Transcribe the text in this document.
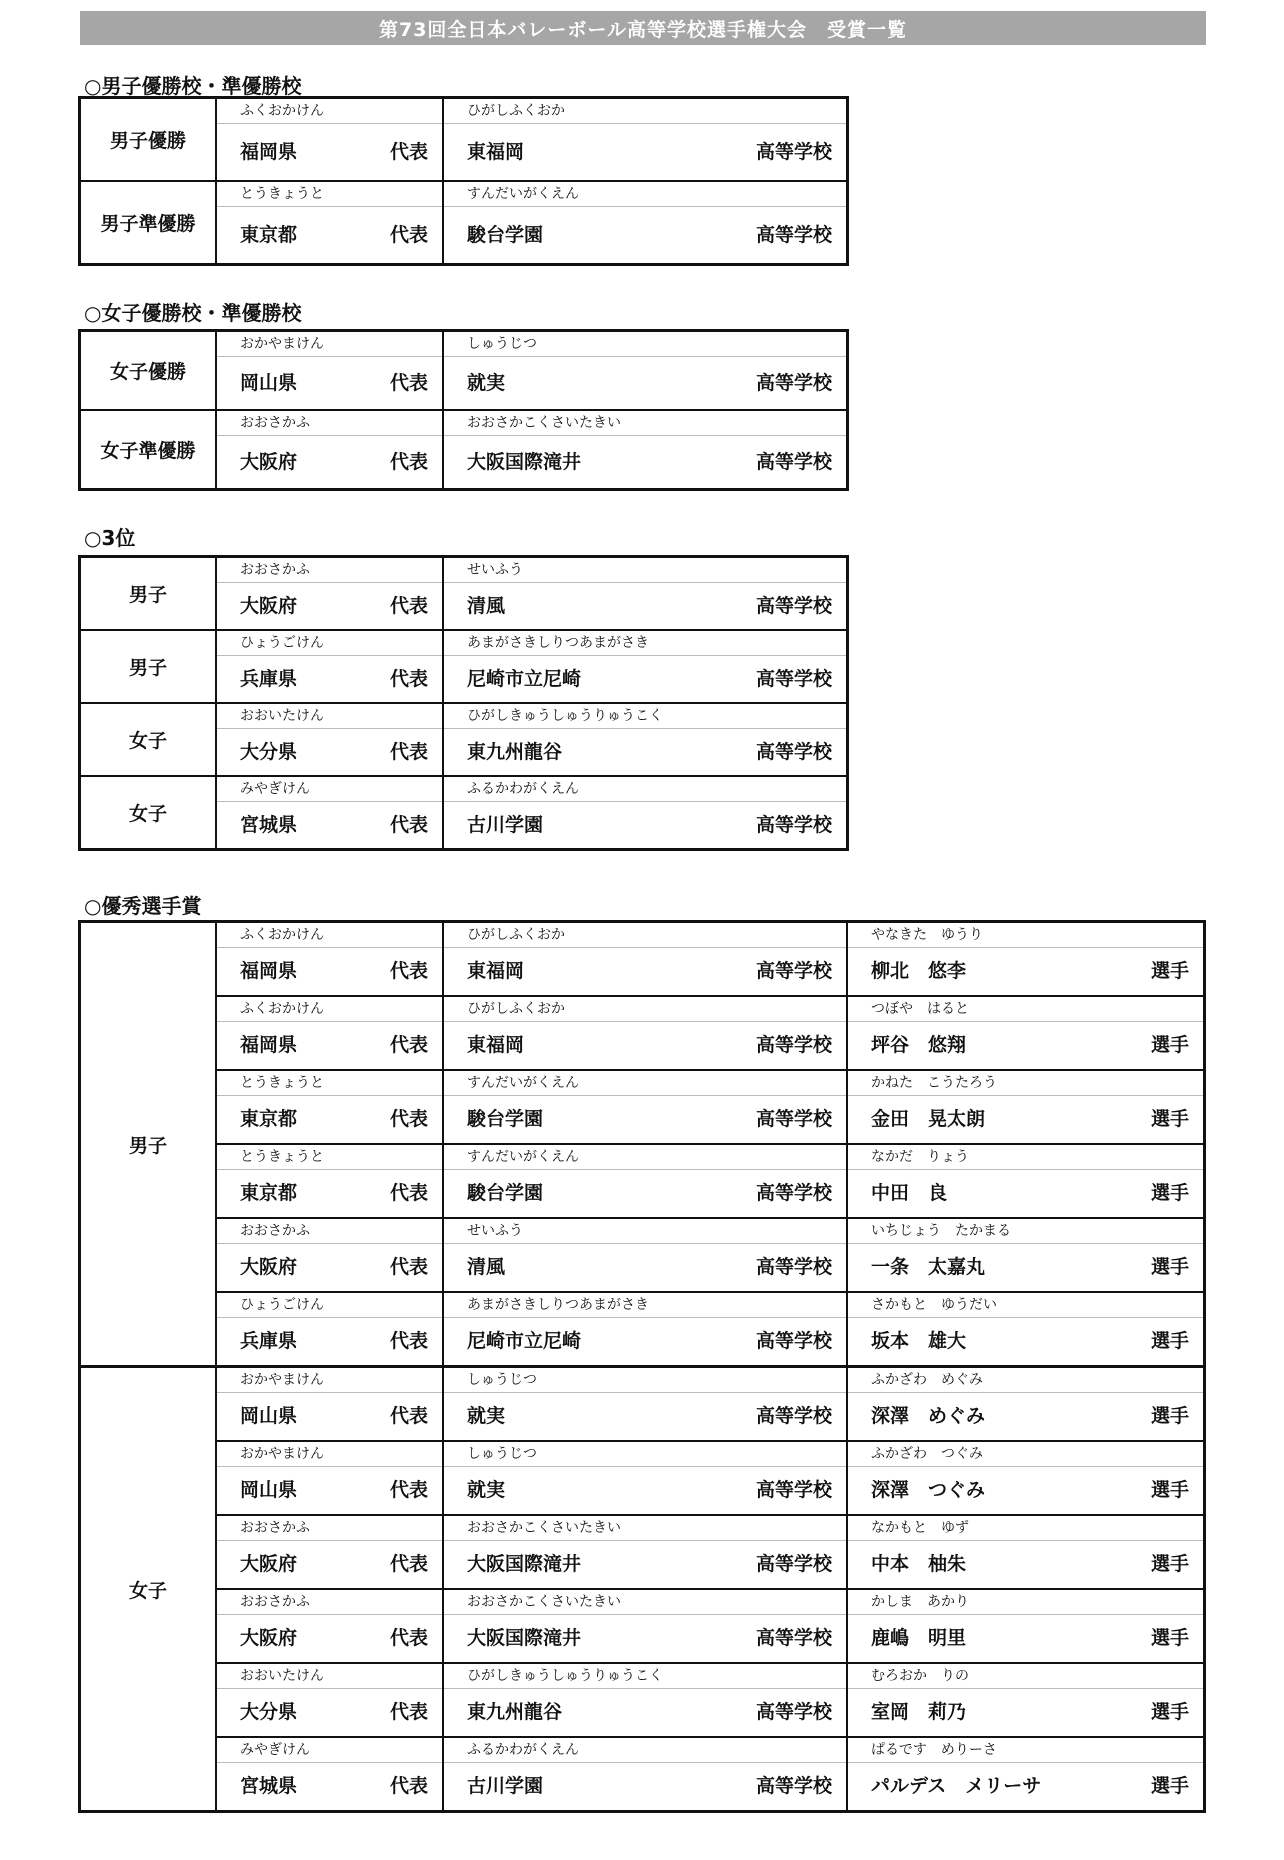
第73回全日本バレーボール高等学校選手権大会　受賞一覧
○男子優勝校・準優勝校
男子優勝	ふくおかけん	ひがしふくおか

	福岡県 代表	東福岡 高等学校

男子準優勝	とうきょうと	すんだいがくえん

	東京都 代表	駿台学園 高等学校
○女子優勝校・準優勝校
女子優勝	おかやまけん	しゅうじつ

	岡山県 代表	就実 高等学校

女子準優勝	おおさかふ	おおさかこくさいたきい

	大阪府 代表	大阪国際滝井 高等学校
○3位
男子	おおさかふ	せいふう

	大阪府 代表	清風 高等学校

男子	ひょうごけん	あまがさきしりつあまがさき

	兵庫県 代表	尼崎市立尼崎 高等学校

女子	おおいたけん	ひがしきゅうしゅうりゅうこく

	大分県 代表	東九州龍谷 高等学校

女子	みやぎけん	ふるかわがくえん

	宮城県 代表	古川学園 高等学校
○優秀選手賞
男子	ふくおかけん	ひがしふくおか	やなきた　ゆうり

	福岡県 代表	東福岡 高等学校	柳北　悠李 選手

	ふくおかけん	ひがしふくおか	つぼや　はると

	福岡県 代表	東福岡 高等学校	坪谷　悠翔 選手

	とうきょうと	すんだいがくえん	かねた　こうたろう

	東京都 代表	駿台学園 高等学校	金田　晃太朗 選手

	とうきょうと	すんだいがくえん	なかだ　りょう

	東京都 代表	駿台学園 高等学校	中田　良 選手

	おおさかふ	せいふう	いちじょう　たかまる

	大阪府 代表	清風 高等学校	一条　太嘉丸 選手

	ひょうごけん	あまがさきしりつあまがさき	さかもと　ゆうだい

	兵庫県 代表	尼崎市立尼崎 高等学校	坂本　雄大 選手

女子	おかやまけん	しゅうじつ	ふかざわ　めぐみ

	岡山県 代表	就実 高等学校	深澤　めぐみ 選手

	おかやまけん	しゅうじつ	ふかざわ　つぐみ

	岡山県 代表	就実 高等学校	深澤　つぐみ 選手

	おおさかふ	おおさかこくさいたきい	なかもと　ゆず

	大阪府 代表	大阪国際滝井 高等学校	中本　柚朱 選手

	おおさかふ	おおさかこくさいたきい	かしま　あかり

	大阪府 代表	大阪国際滝井 高等学校	鹿嶋　明里 選手

	おおいたけん	ひがしきゅうしゅうりゅうこく	むろおか　りの

	大分県 代表	東九州龍谷 高等学校	室岡　莉乃 選手

	みやぎけん	ふるかわがくえん	ぱるです　めりーさ

	宮城県 代表	古川学園 高等学校	パルデス　メリーサ 選手
